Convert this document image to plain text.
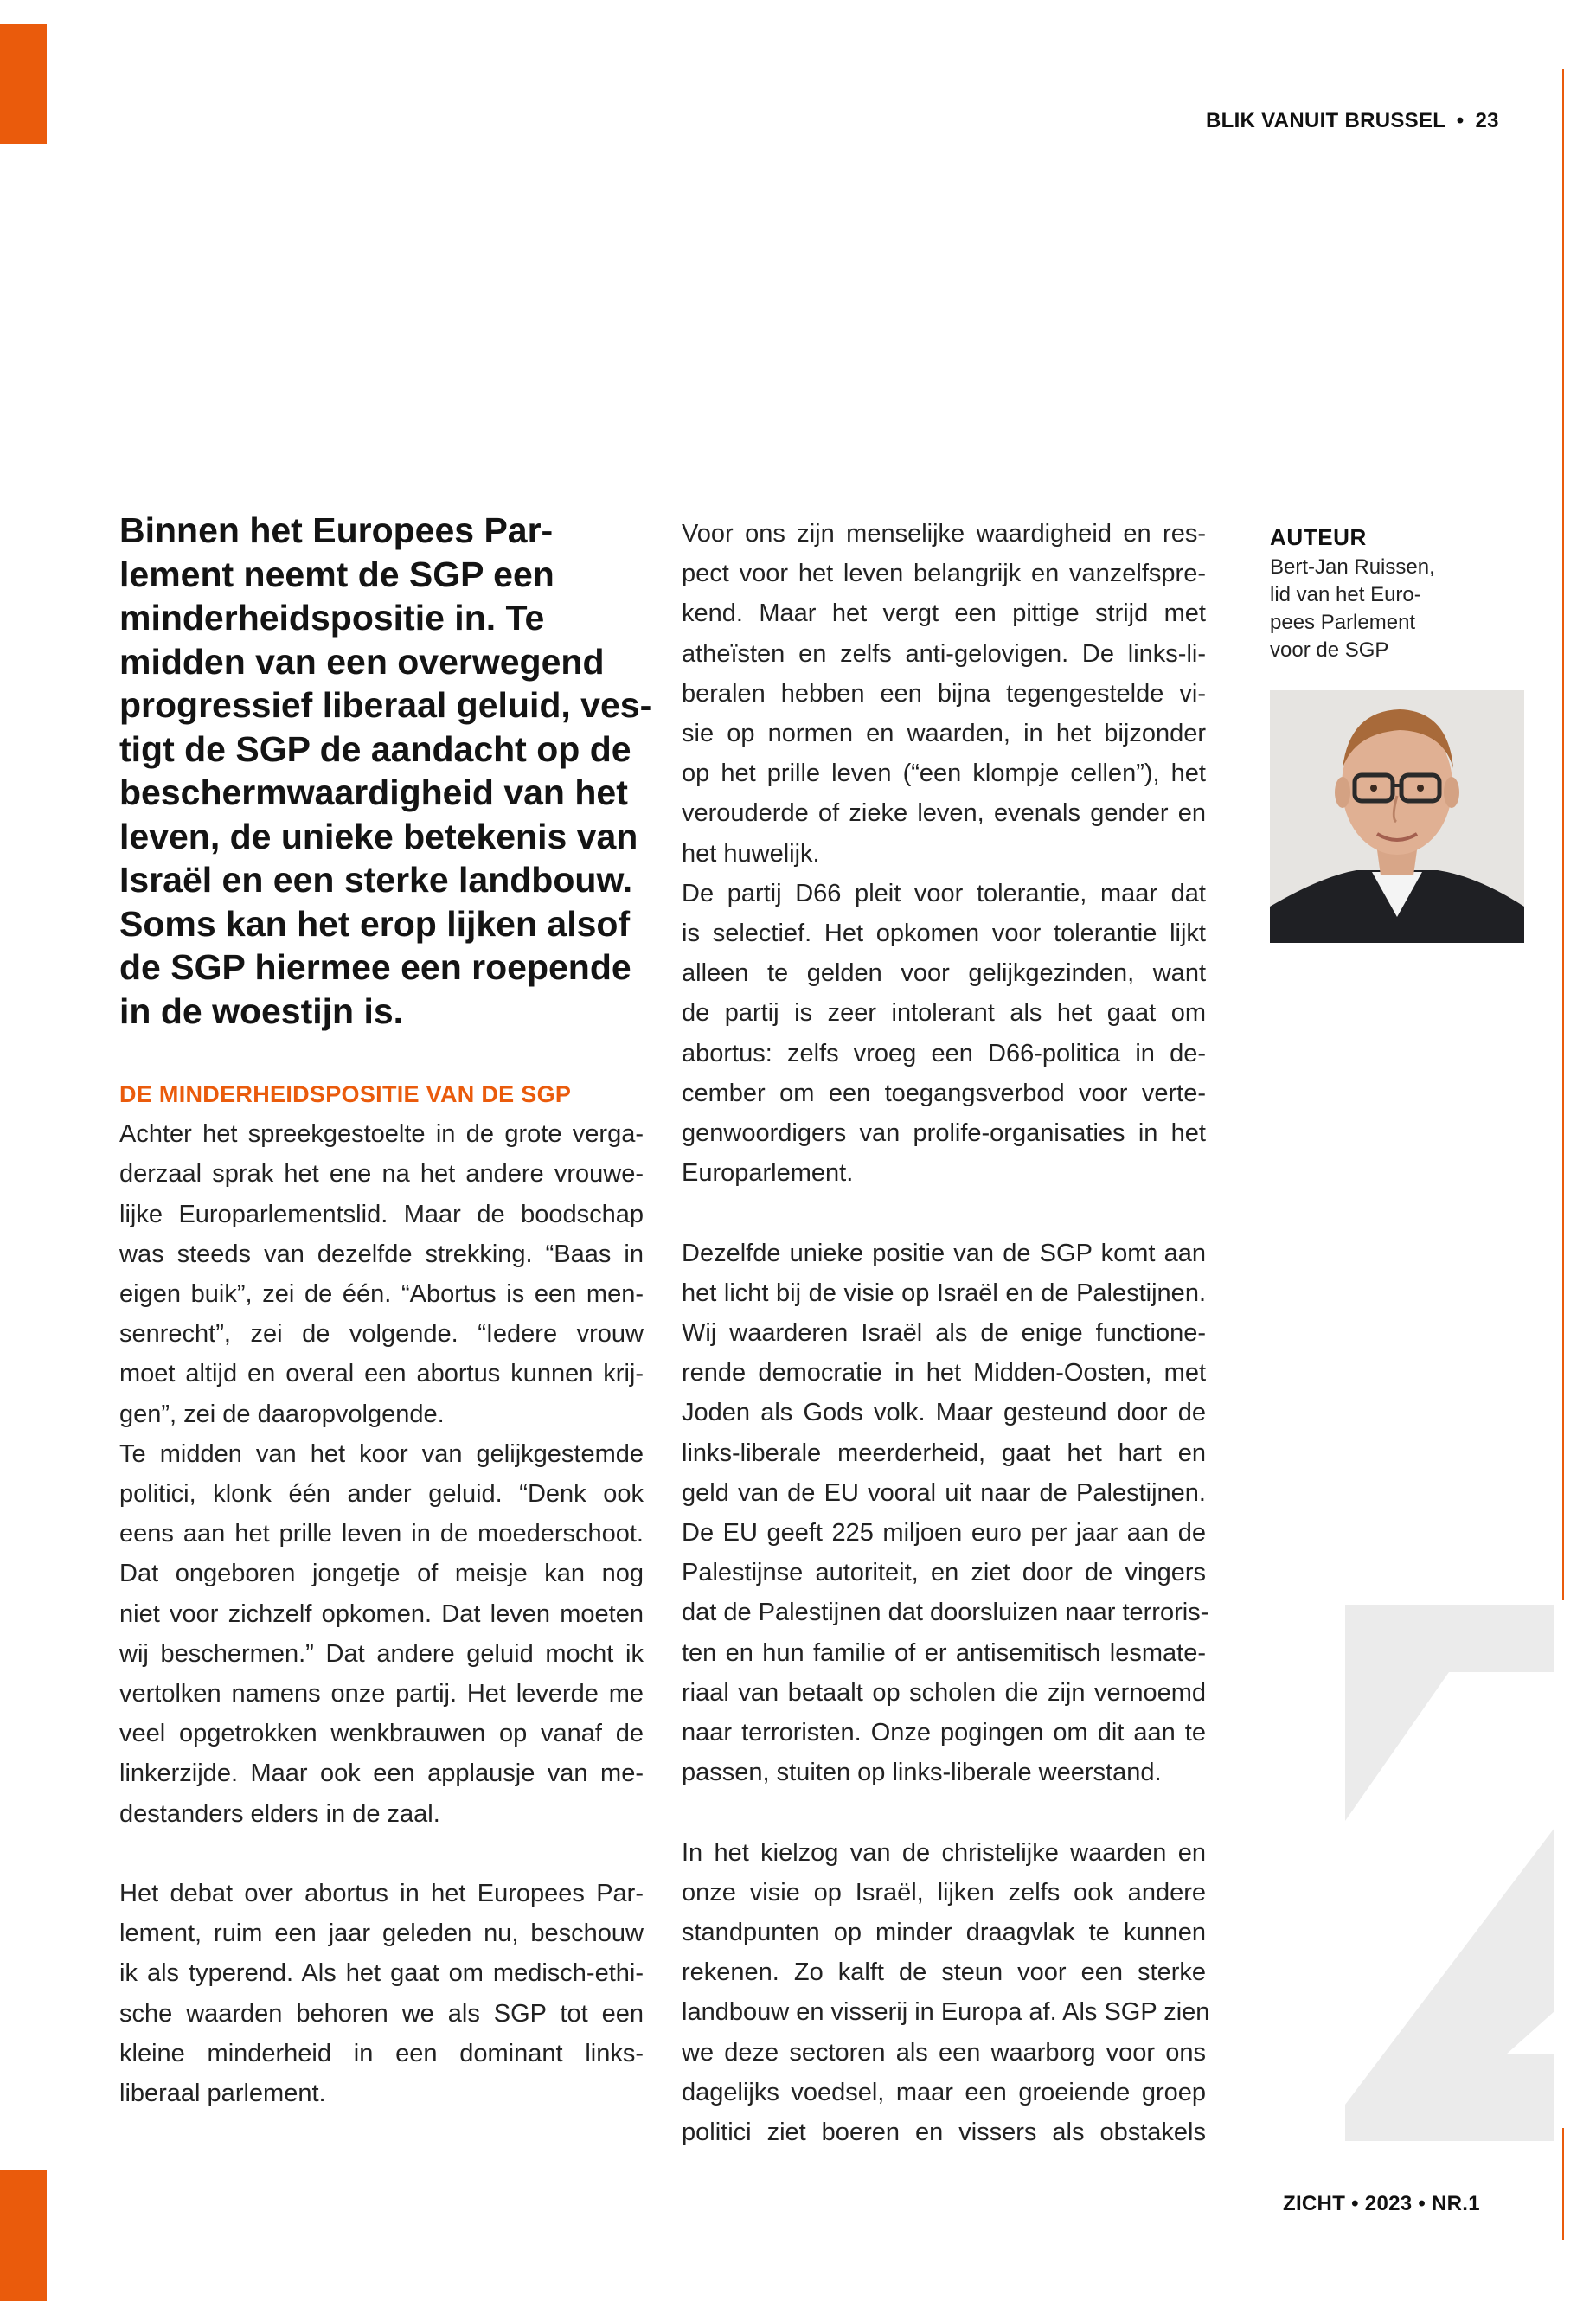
BLIK VANUIT BRUSSEL • 23
Binnen het Europees Par-
lement neemt de SGP een
minderheidspositie in. Te
midden van een overwegend
progressief liberaal geluid, ves-
tigt de SGP de aandacht op de
beschermwaardigheid van het
leven, de unieke betekenis van
Israël en een sterke landbouw.
Soms kan het erop lijken alsof
de SGP hiermee een roepende
in de woestijn is.
DE MINDERHEIDSPOSITIE VAN DE SGP
Achter het spreekgestoelte in de grote verga-
derzaal sprak het ene na het andere vrouwe-
lijke Europarlementslid. Maar de boodschap
was steeds van dezelfde strekking. “Baas in
eigen buik”, zei de één. “Abortus is een men-
senrecht”, zei de volgende. “Iedere vrouw
moet altijd en overal een abortus kunnen krij-
gen”, zei de daaropvolgende.
Te midden van het koor van gelijkgestemde
politici, klonk één ander geluid. “Denk ook
eens aan het prille leven in de moederschoot.
Dat ongeboren jongetje of meisje kan nog
niet voor zichzelf opkomen. Dat leven moeten
wij beschermen.” Dat andere geluid mocht ik
vertolken namens onze partij. Het leverde me
veel opgetrokken wenkbrauwen op vanaf de
linkerzijde. Maar ook een applausje van me-
destanders elders in de zaal.
Het debat over abortus in het Europees Par-
lement, ruim een jaar geleden nu, beschouw
ik als typerend. Als het gaat om medisch-ethi-
sche waarden behoren we als SGP tot een
kleine minderheid in een dominant links-
liberaal parlement.
Voor ons zijn menselijke waardigheid en res-
pect voor het leven belangrijk en vanzelfspre-
kend. Maar het vergt een pittige strijd met
atheïsten en zelfs anti-gelovigen. De links-li-
beralen hebben een bijna tegengestelde vi-
sie op normen en waarden, in het bijzonder
op het prille leven (“een klompje cellen”), het
verouderde of zieke leven, evenals gender en
het huwelijk.
De partij D66 pleit voor tolerantie, maar dat
is selectief. Het opkomen voor tolerantie lijkt
alleen te gelden voor gelijkgezinden, want
de partij is zeer intolerant als het gaat om
abortus: zelfs vroeg een D66-politica in de-
cember om een toegangsverbod voor verte-
genwoordigers van prolife-organisaties in het
Europarlement.
Dezelfde unieke positie van de SGP komt aan
het licht bij de visie op Israël en de Palestijnen.
Wij waarderen Israël als de enige functione-
rende democratie in het Midden-Oosten, met
Joden als Gods volk. Maar gesteund door de
links-liberale meerderheid, gaat het hart en
geld van de EU vooral uit naar de Palestijnen.
De EU geeft 225 miljoen euro per jaar aan de
Palestijnse autoriteit, en ziet door de vingers
dat de Palestijnen dat doorsluizen naar terroris-
ten en hun familie of er antisemitisch lesmate-
riaal van betaalt op scholen die zijn vernoemd
naar terroristen. Onze pogingen om dit aan te
passen, stuiten op links-liberale weerstand.
In het kielzog van de christelijke waarden en
onze visie op Israël, lijken zelfs ook andere
standpunten op minder draagvlak te kunnen
rekenen. Zo kalft de steun voor een sterke
landbouw en visserij in Europa af. Als SGP zien
we deze sectoren als een waarborg voor ons
dagelijks voedsel, maar een groeiende groep
politici ziet boeren en vissers als obstakels
AUTEUR
Bert-Jan Ruissen,
lid van het Euro-
pees Parlement
voor de SGP
ZICHT • 2023 • NR.1
